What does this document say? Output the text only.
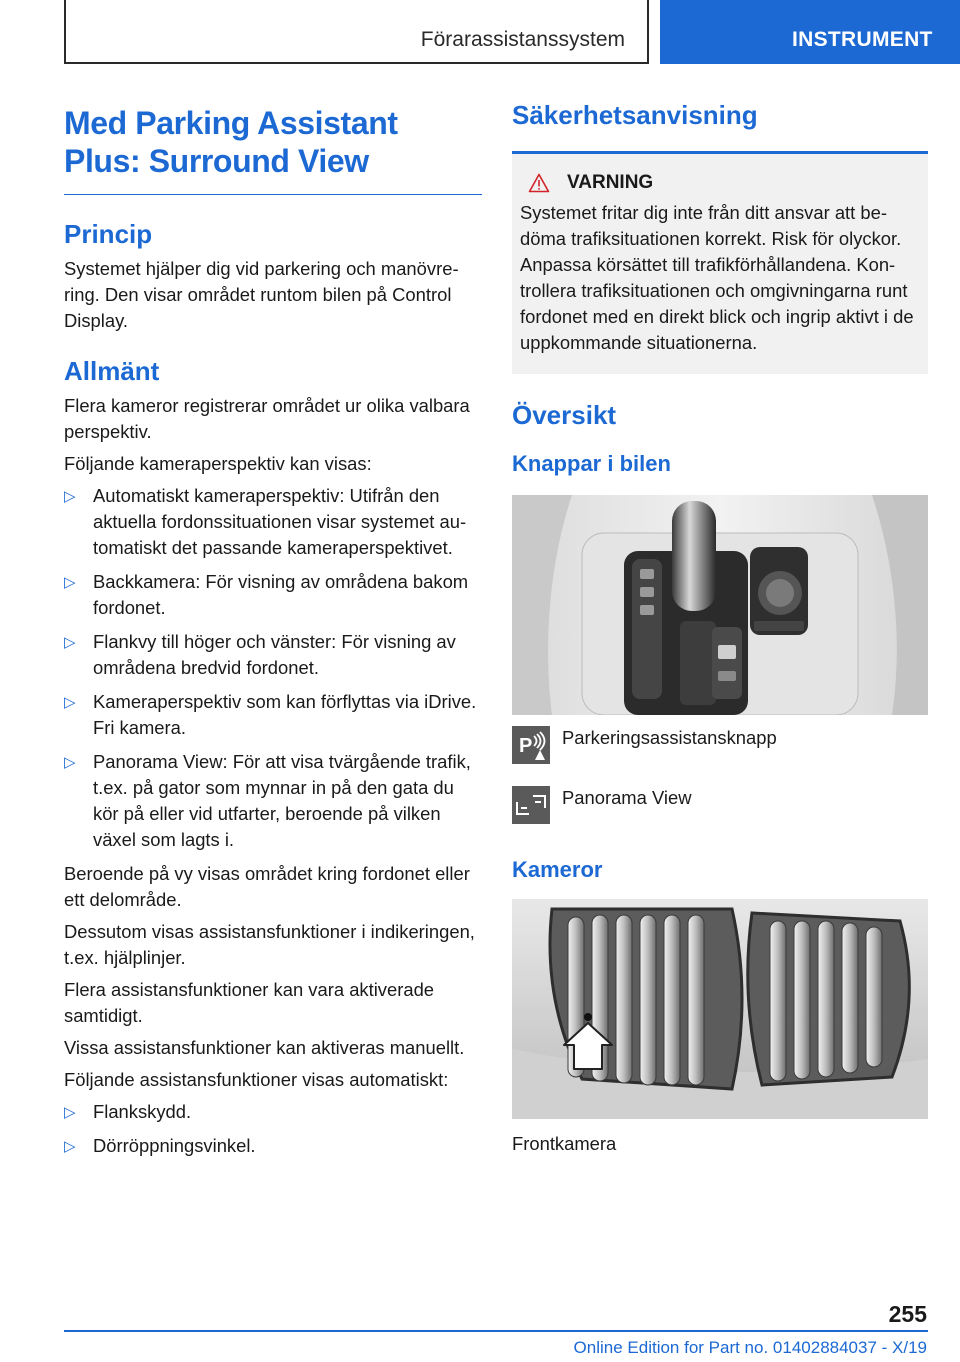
Förarassistanssystem	INSTRUMENT
Med Parking Assistant
Plus: Surround View
Princip

Systemet hjälper dig vid parkering och manövrering. Den visar området runtom bilen på Control Display.

Allmänt

Flera kameror registrerar området ur olika valbara perspektiv.

Följande kameraperspektiv kan visas:

▷ Automatiskt kameraperspektiv: Utifrån den aktuella fordonssituationen visar systemet automatiskt det passande kameraperspektivet.
▷ Backkamera: För visning av områdena bakom fordonet.
▷ Flankvy till höger och vänster: För visning av områdena bredvid fordonet.
▷ Kameraperspektiv som kan förflyttas via iDrive. Fri kamera.
▷ Panorama View: För att visa tvärgående trafik, t.ex. på gator som mynnar in på den gata du kör på eller vid utfarter, beroende på vilken växel som lagts i.

Beroende på vy visas området kring fordonet eller ett delområde.

Dessutom visas assistansfunktioner i indikeringen, t.ex. hjälplinjer.

Flera assistansfunktioner kan vara aktiverade samtidigt.

Vissa assistansfunktioner kan aktiveras manuellt.

Följande assistansfunktioner visas automatiskt:

▷ Flankskydd.
▷ Dörröppningsvinkel.
Säkerhetsanvisning
VARNING

Systemet fritar dig inte från ditt ansvar att bedöma trafiksituationen korrekt. Risk för olyckor. Anpassa körsättet till trafikförhållandena. Kontrollera trafiksituationen och omgivningarna runt fordonet med en direkt blick och ingrip aktivt i de uppkommande situationerna.

Översikt
Knappar i bilen
P Parkeringsassistansknapp
Panorama View
Kameror

Frontkamera

255
Online Edition for Part no. 01402884037 - X/19
